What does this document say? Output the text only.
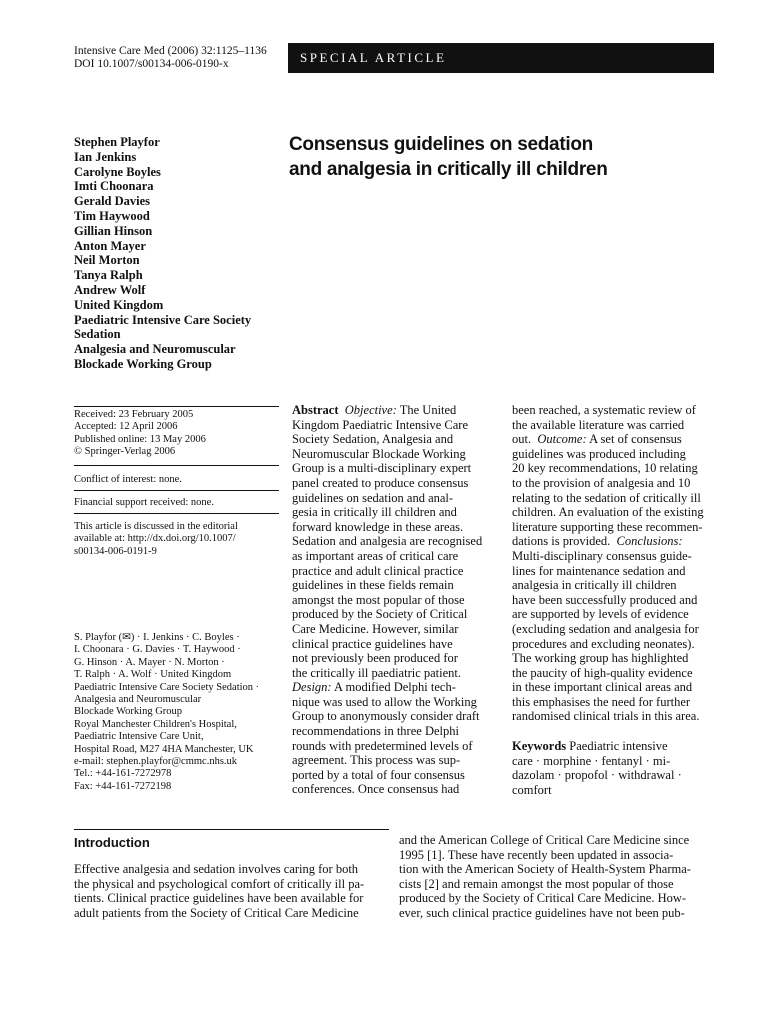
Intensive Care Med (2006) 32:1125–1136
DOI 10.1007/s00134-006-0190-x	SPECIAL ARTICLE
Stephen Playfor
Ian Jenkins
Carolyne Boyles
Imti Choonara
Gerald Davies
Tim Haywood
Gillian Hinson
Anton Mayer
Neil Morton
Tanya Ralph
Andrew Wolf
United Kingdom
Paediatric Intensive Care Society
Sedation
Analgesia and Neuromuscular
Blockade Working Group
Consensus guidelines on sedation
and analgesia in critically ill children
Received: 23 February 2005
Accepted: 12 April 2006
Published online: 13 May 2006
© Springer-Verlag 2006
Conflict of interest: none.
Financial support received: none.
This article is discussed in the editorial
available at: http://dx.doi.org/10.1007/
s00134-006-0191-9
S. Playfor (✉) · I. Jenkins · C. Boyles ·
I. Choonara · G. Davies · T. Haywood ·
G. Hinson · A. Mayer · N. Morton ·
T. Ralph · A. Wolf · United Kingdom
Paediatric Intensive Care Society Sedation ·
Analgesia and Neuromuscular
Blockade Working Group
Royal Manchester Children's Hospital,
Paediatric Intensive Care Unit,
Hospital Road, M27 4HA Manchester, UK
e-mail: stephen.playfor@cmmc.nhs.uk
Tel.: +44-161-7272978
Fax: +44-161-7272198
Abstract Objective: The United
Kingdom Paediatric Intensive Care
Society Sedation, Analgesia and
Neuromuscular Blockade Working
Group is a multi-disciplinary expert
panel created to produce consensus
guidelines on sedation and anal-
gesia in critically ill children and
forward knowledge in these areas.
Sedation and analgesia are recognised
as important areas of critical care
practice and adult clinical practice
guidelines in these fields remain
amongst the most popular of those
produced by the Society of Critical
Care Medicine. However, similar
clinical practice guidelines have
not previously been produced for
the critically ill paediatric patient.
Design: A modified Delphi tech-
nique was used to allow the Working
Group to anonymously consider draft
recommendations in three Delphi
rounds with predetermined levels of
agreement. This process was sup-
ported by a total of four consensus
conferences. Once consensus had
been reached, a systematic review of
the available literature was carried
out.  Outcome: A set of consensus
guidelines was produced including
20 key recommendations, 10 relating
to the provision of analgesia and 10
relating to the sedation of critically ill
children. An evaluation of the existing
literature supporting these recommen-
dations is provided.  Conclusions:
Multi-disciplinary consensus guide-
lines for maintenance sedation and
analgesia in critically ill children
have been successfully produced and
are supported by levels of evidence
(excluding sedation and analgesia for
procedures and excluding neonates).
The working group has highlighted
the paucity of high-quality evidence
in these important clinical areas and
this emphasises the need for further
randomised clinical trials in this area.
Keywords Paediatric intensive
care · morphine · fentanyl · mi-
dazolam · propofol · withdrawal ·
comfort
Introduction
Effective analgesia and sedation involves caring for both
the physical and psychological comfort of critically ill pa-
tients. Clinical practice guidelines have been available for
adult patients from the Society of Critical Care Medicine
and the American College of Critical Care Medicine since
1995 [1]. These have recently been updated in associa-
tion with the American Society of Health-System Pharma-
cists [2] and remain amongst the most popular of those
produced by the Society of Critical Care Medicine. How-
ever, such clinical practice guidelines have not been pub-
